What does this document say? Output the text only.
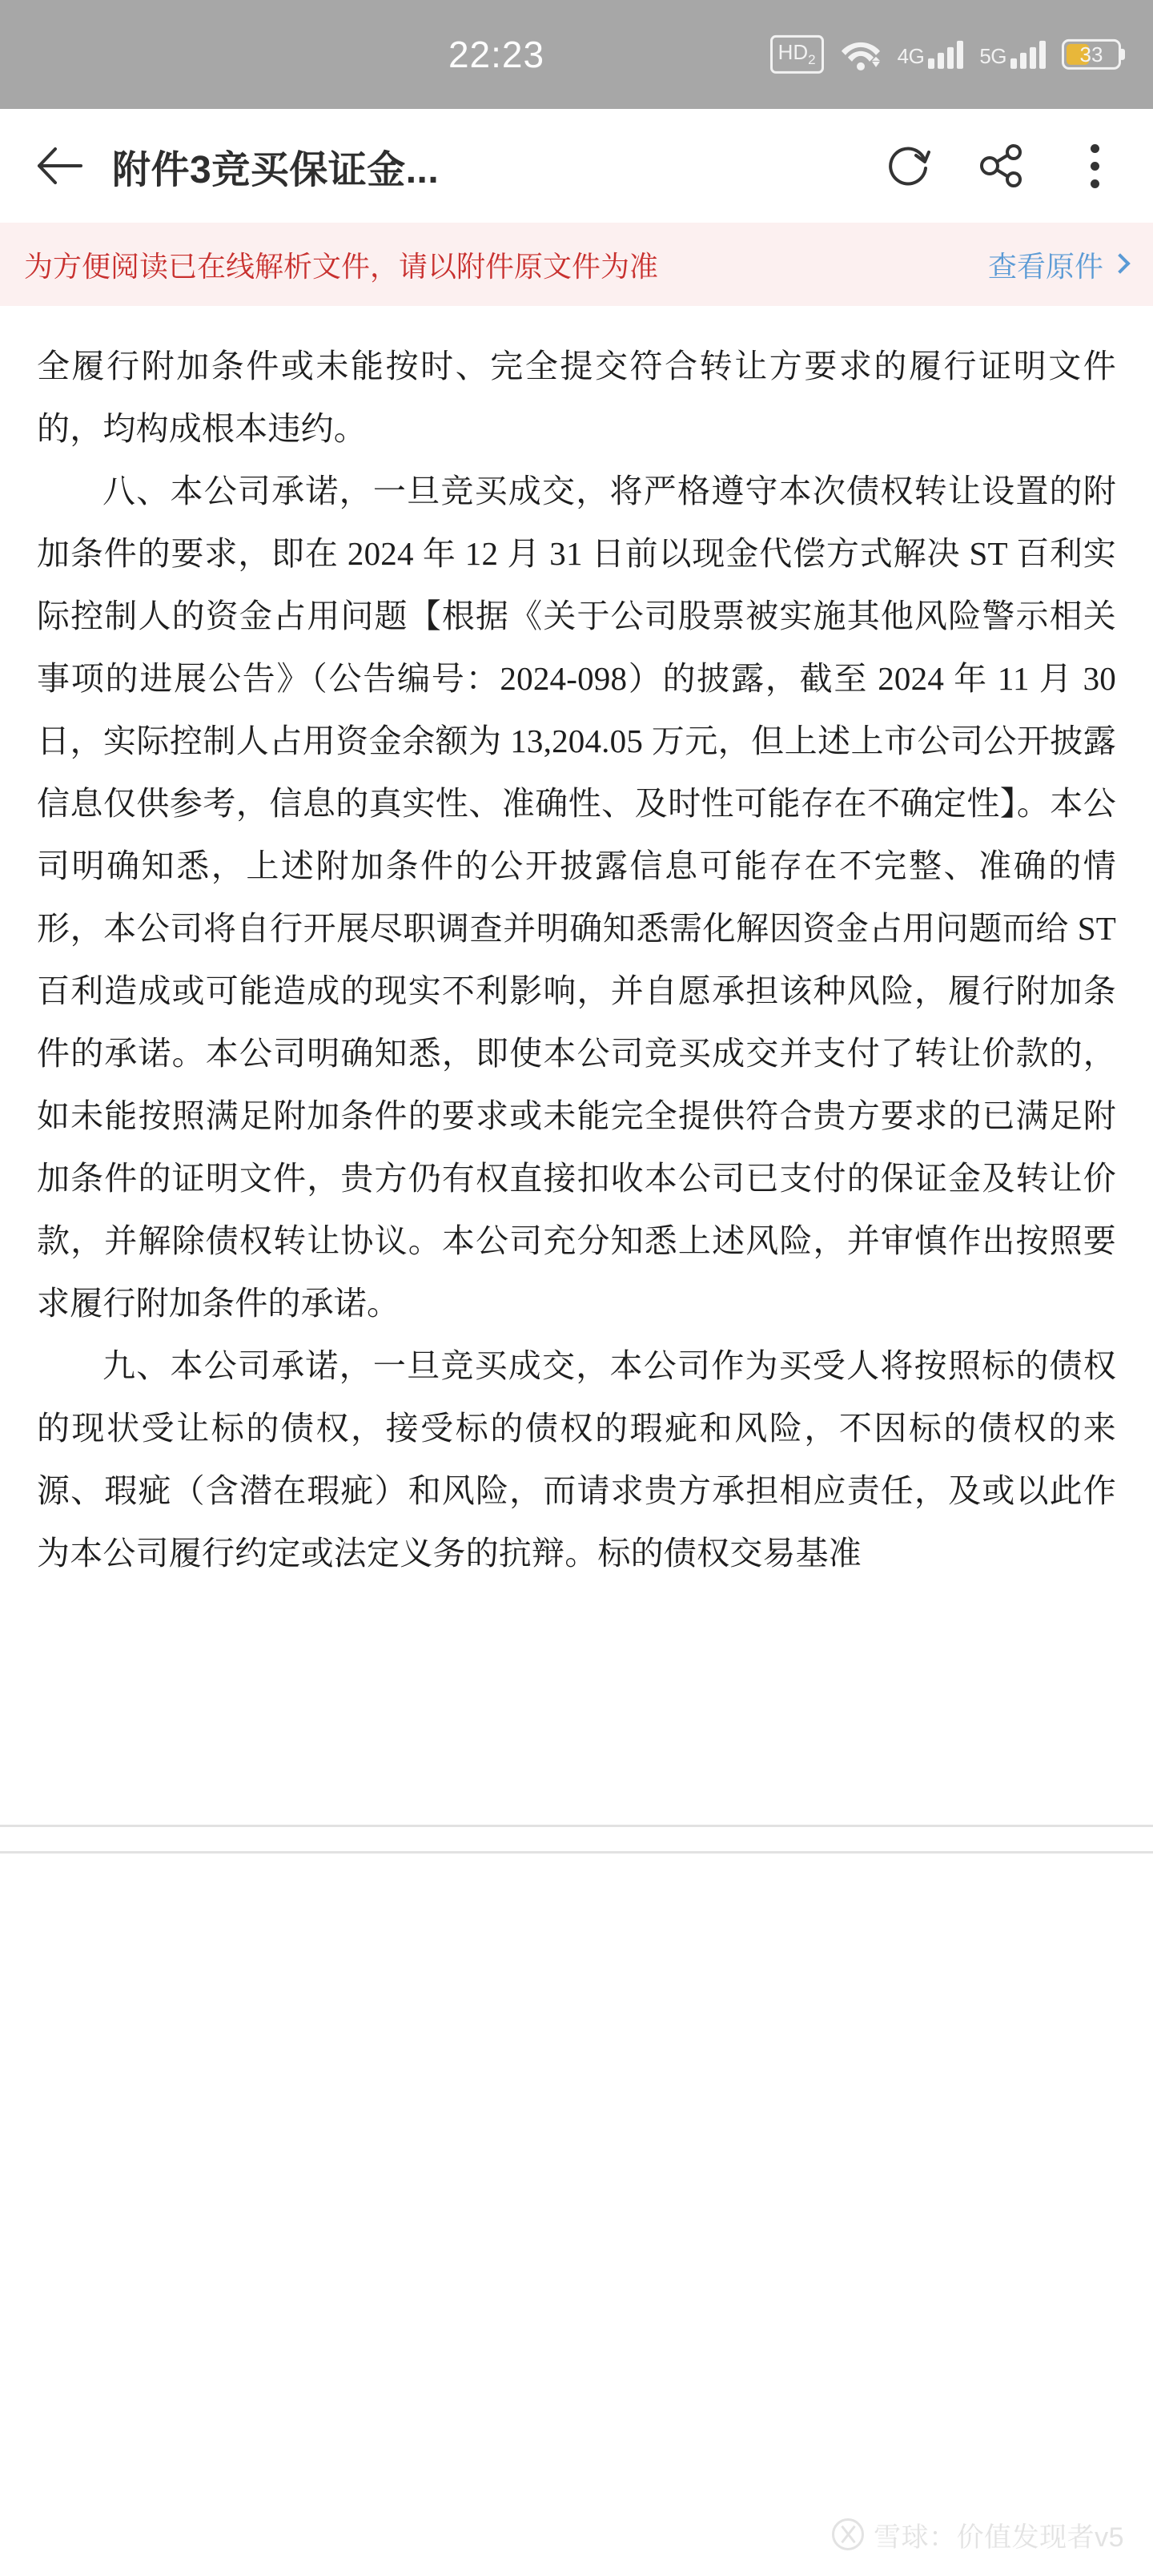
22:23	$HD_2$	4G	5G	33
附件3竞买保证金...
为方便阅读已在线解析文件，请以附件原文件为准	查看原件

全履行附加条件或未能按时、完全提交符合转让方要求的履行证明文件的，均构成根本违约。

八、本公司承诺，一旦竞买成交，将严格遵守本次债权转让设置的附加条件的要求，即在 2024 年 12 月 31 日前以现金代偿方式解决 ST 百利实际控制人的资金占用问题【根据《关于公司股票被实施其他风险警示相关事项的进展公告》（公告编号：2024-098）的披露，截至 2024 年 11 月 30 日，实际控制人占用资金余额为 13,204.05 万元，但上述上市公司公开披露信息仅供参考，信息的真实性、准确性、及时性可能存在不确定性】。本公司明确知悉，上述附加条件的公开披露信息可能存在不完整、准确的情形，本公司将自行开展尽职调查并明确知悉需化解因资金占用问题而给 ST 百利造成或可能造成的现实不利影响，并自愿承担该种风险，履行附加条件的承诺。本公司明确知悉，即使本公司竞买成交并支付了转让价款的，如未能按照满足附加条件的要求或未能完全提供符合贵方要求的已满足附加条件的证明文件，贵方仍有权直接扣收本公司已支付的保证金及转让价款，并解除债权转让协议。本公司充分知悉上述风险，并审慎作出按照要求履行附加条件的承诺。

九、本公司承诺，一旦竞买成交，本公司作为买受人将按照标的债权的现状受让标的债权，接受标的债权的瑕疵和风险，不因标的债权的来源、瑕疵（含潜在瑕疵）和风险，而请求贵方承担相应责任，及或以此作为本公司履行约定或法定义务的抗辩。标的债权交易基准

雪球：价值发现者v5
